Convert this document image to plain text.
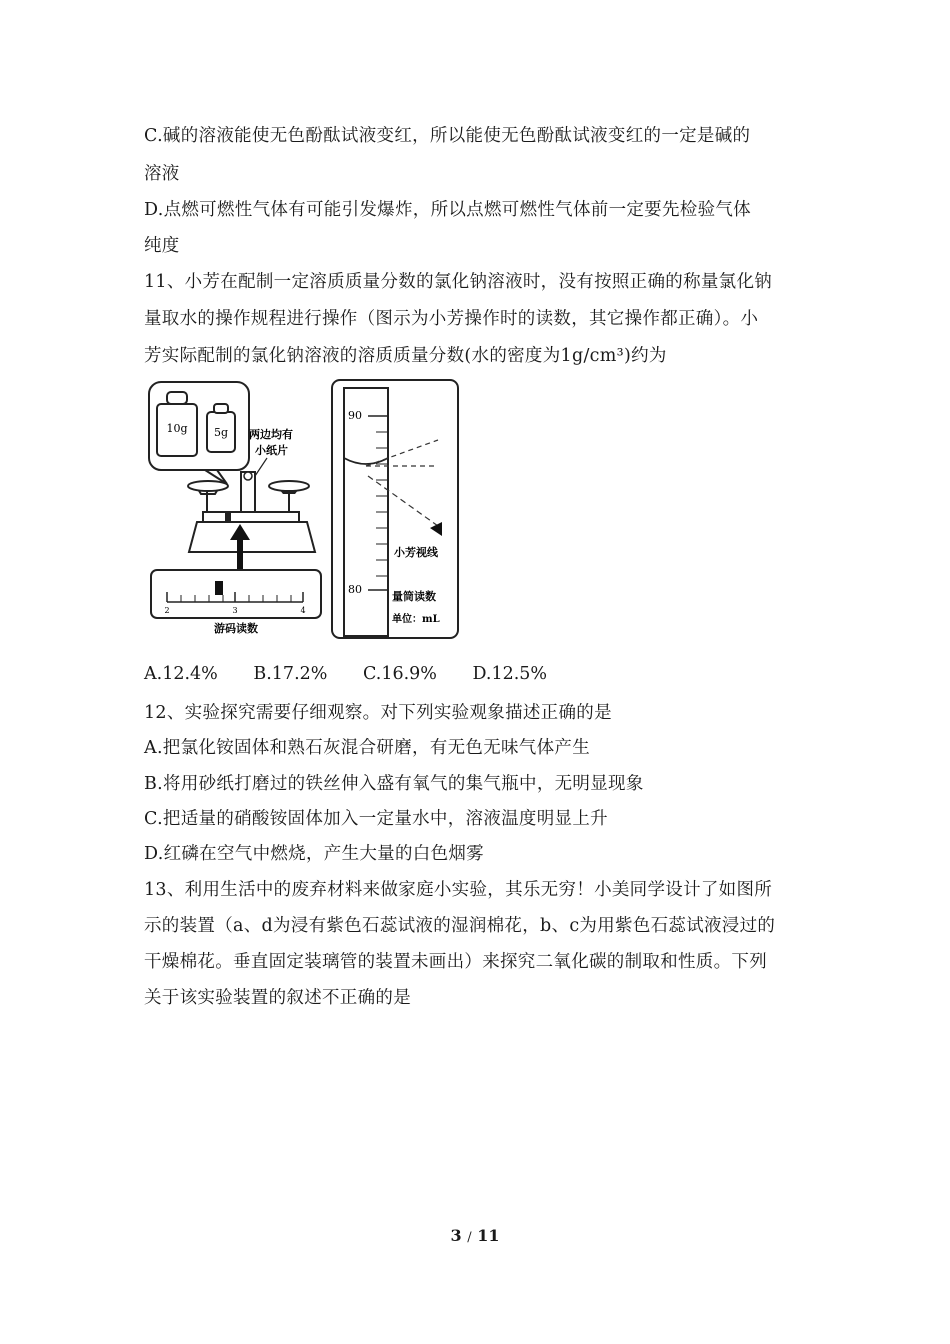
C.碱的溶液能使无色酚酞试液变红，所以能使无色酚酞试液变红的一定是碱的
溶液
D.点燃可燃性气体有可能引发爆炸，所以点燃可燃性气体前一定要先检验气体
纯度
11、小芳在配制一定溶质质量分数的氯化钠溶液时，没有按照正确的称量氯化钠
量取水的操作规程进行操作（图示为小芳操作时的读数，其它操作都正确）。小
芳实际配制的氯化钠溶液的溶质质量分数(水的密度为1g/cm³)约为
10g 5g 两边均有
小纸片
2	3	4
游码读数
90
80
小芳视线
量筒读数
单位：mL
A.12.4% B.17.2% C.16.9% D.12.5%
12、实验探究需要仔细观察。对下列实验观象描述正确的是
A.把氯化铵固体和熟石灰混合研磨，有无色无味气体产生
B.将用砂纸打磨过的铁丝伸入盛有氧气的集气瓶中，无明显现象
C.把适量的硝酸铵固体加入一定量水中，溶液温度明显上升
D.红磷在空气中燃烧，产生大量的白色烟雾
13、利用生活中的废弃材料来做家庭小实验，其乐无穷！小美同学设计了如图所
示的装置（a、d为浸有紫色石蕊试液的湿润棉花，b、c为用紫色石蕊试液浸过的
干燥棉花。垂直固定装璃管的装置未画出）来探究二氧化碳的制取和性质。下列
关于该实验装置的叙述不正确的是
3 / 11
